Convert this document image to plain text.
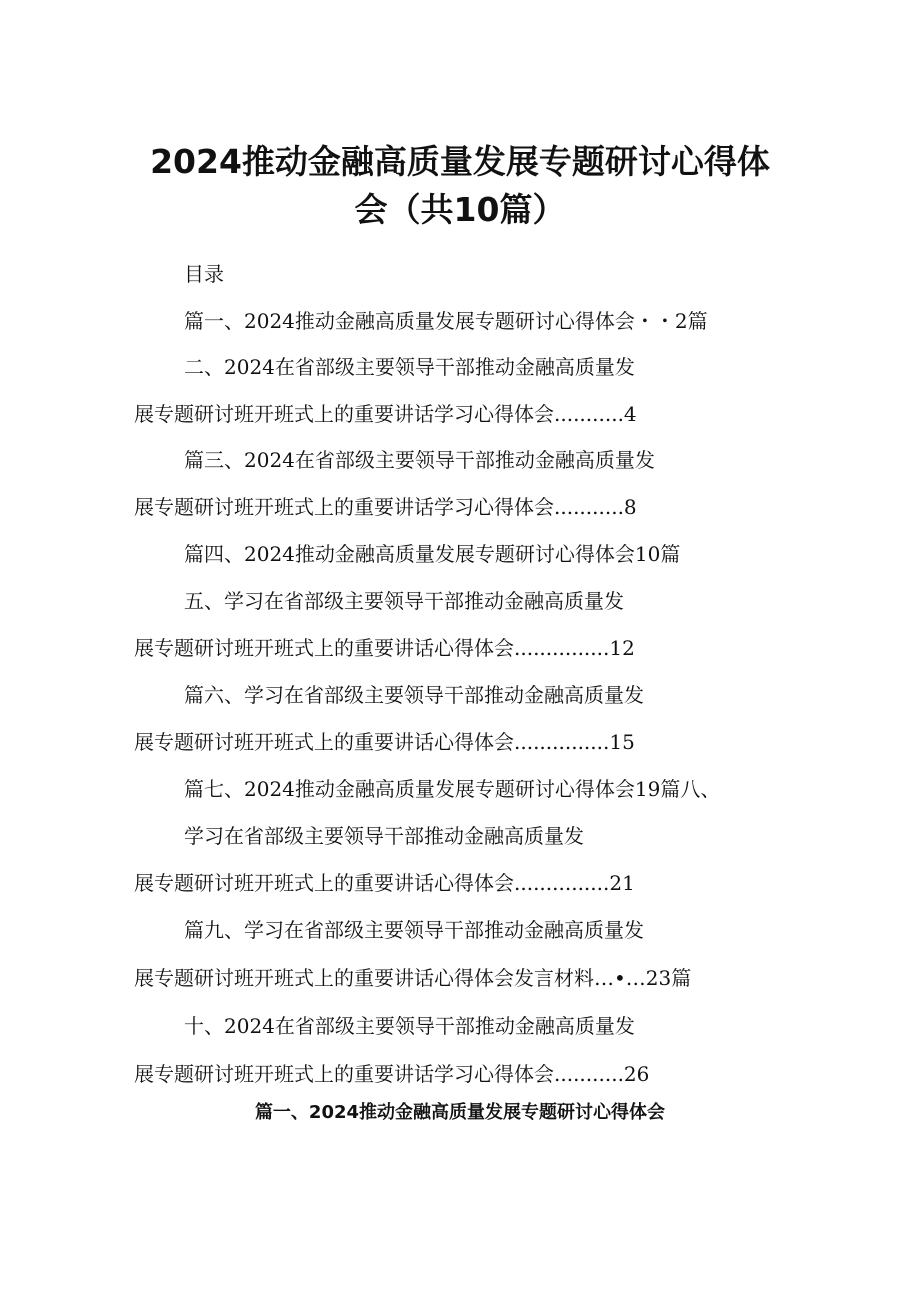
2024推动金融高质量发展专题研讨心得体
会（共10篇）
目录
篇一、2024推动金融高质量发展专题研讨心得体会・・2篇
二、2024在省部级主要领导干部推动金融高质量发
展专题研讨班开班式上的重要讲话学习心得体会...........4
篇三、2024在省部级主要领导干部推动金融高质量发
展专题研讨班开班式上的重要讲话学习心得体会...........8
篇四、2024推动金融高质量发展专题研讨心得体会10篇
五、学习在省部级主要领导干部推动金融高质量发
展专题研讨班开班式上的重要讲话心得体会...............12
篇六、学习在省部级主要领导干部推动金融高质量发
展专题研讨班开班式上的重要讲话心得体会...............15
篇七、2024推动金融高质量发展专题研讨心得体会19篇八、
学习在省部级主要领导干部推动金融高质量发
展专题研讨班开班式上的重要讲话心得体会...............21
篇九、学习在省部级主要领导干部推动金融高质量发
展专题研讨班开班式上的重要讲话心得体会发言材料…•…23篇
十、2024在省部级主要领导干部推动金融高质量发
展专题研讨班开班式上的重要讲话学习心得体会...........26
篇一、2024推动金融高质量发展专题研讨心得体会
